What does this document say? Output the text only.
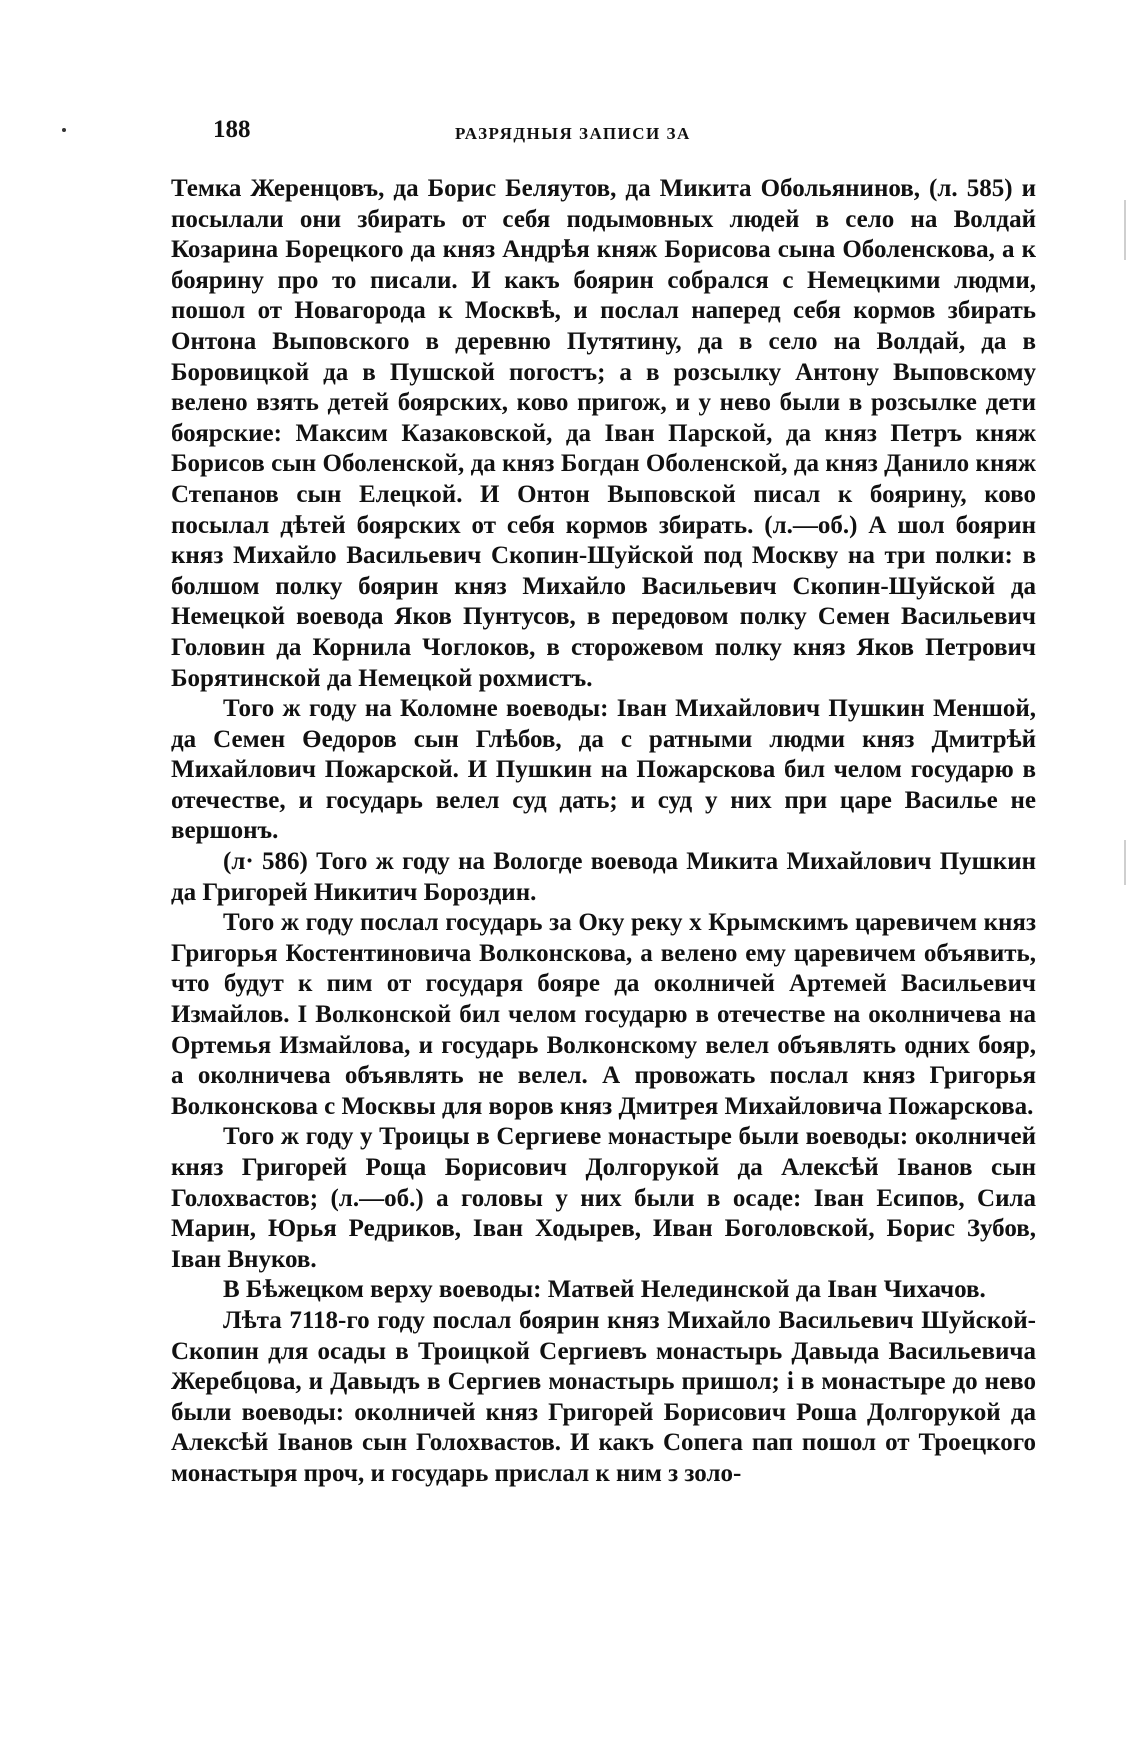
188	РАЗРЯДНЫЯ ЗАПИСИ ЗА

Темка Жеренцовъ, да Борис Беляутов, да Микита Обольянинов, (л. 585) и посылали они збирать от себя подымовных людей в село на Волдай Козарина Борецкого да княз Андрѣя княж Борисова сына Оболенскова, а к боярину про то писали. И какъ боярин собрался с Немецкими людми, пошол от Новагорода к Москвѣ, и послал наперед себя кормов збирать Онтона Выповского в деревню Путятину, да в село на Волдай, да в Боровицкой да в Пушской погостъ; а в розсылку Антону Выповскому велено взять детей боярских, ково пригож, и у нево были в розсылке дети боярские: Максим Казаковской, да Іван Парской, да княз Петръ княж Борисов сын Оболенской, да княз Богдан Оболенской, да княз Данило княж Степанов сын Елецкой. И Онтон Выповской писал к боярину, ково посылал дѣтей боярских от себя кормов збирать. (л.—об.) А шол боярин княз Михайло Васильевич Скопин-Шуйской под Москву на три полки: в болшом полку боярин княз Михайло Васильевич Скопин-Шуйской да Немецкой воевода Яков Пунтусов, в передовом полку Семен Васильевич Головин да Корнила Чоглоков, в сторожевом полку княз Яков Петрович Борятинской да Немецкой рохмистъ.

Того ж году на Коломне воеводы: Іван Михайлович Пушкин Меншой, да Семен Өедоров сын Глѣбов, да с ратными людми княз Дмитрѣй Михайлович Пожарской. И Пушкин на Пожарскова бил челом государю в отечестве, и государь велел суд дать; и суд у них при царе Василье не вершонъ.

(л· 586) Того ж году на Вологде воевода Микита Михайлович Пушкин да Григорей Никитич Бороздин.

Того ж году послал государь за Оку реку х Крымскимъ царевичем княз Григорья Костентиновича Волконскова, а велено ему царевичем объявить, что будут к пим от государя бояре да околничей Артемей Васильевич Измайлов. І Волконской бил челом государю в отечестве на околничева на Ортемья Измайлова, и государь Волконскому велел объявлять одних бояр, а околничева объявлять не велел. А провожать послал княз Григорья Волконскова с Москвы для воров княз Дмитрея Михайловича Пожарскова.

Того ж году у Троицы в Сергиеве монастыре были воеводы: околничей княз Григорей Роща Борисович Долгорукой да Алексѣй Іванов сын Голохвастов; (л.—об.) а головы у них были в осаде: Іван Есипов, Сила Марин, Юрья Редриков, Іван Ходырев, Иван Боголовской, Борис Зубов, Іван Внуков.

В Бѣжецком верху воеводы: Матвей Нелединской да Іван Чихачов.

Лѣта 7118-го году послал боярин княз Михайло Васильевич Шуйской-Скопин для осады в Троицкой Сергиевъ монастырь Давыда Васильевича Жеребцова, и Давыдъ в Сергиев монастырь пришол; і в монастыре до нево были воеводы: околничей княз Григорей Борисович Роша Долгорукой да Алексѣй Іванов сын Голохвастов. И какъ Сопега пап пошол от Троецкого монастыря проч, и государь прислал к ним з золо-
